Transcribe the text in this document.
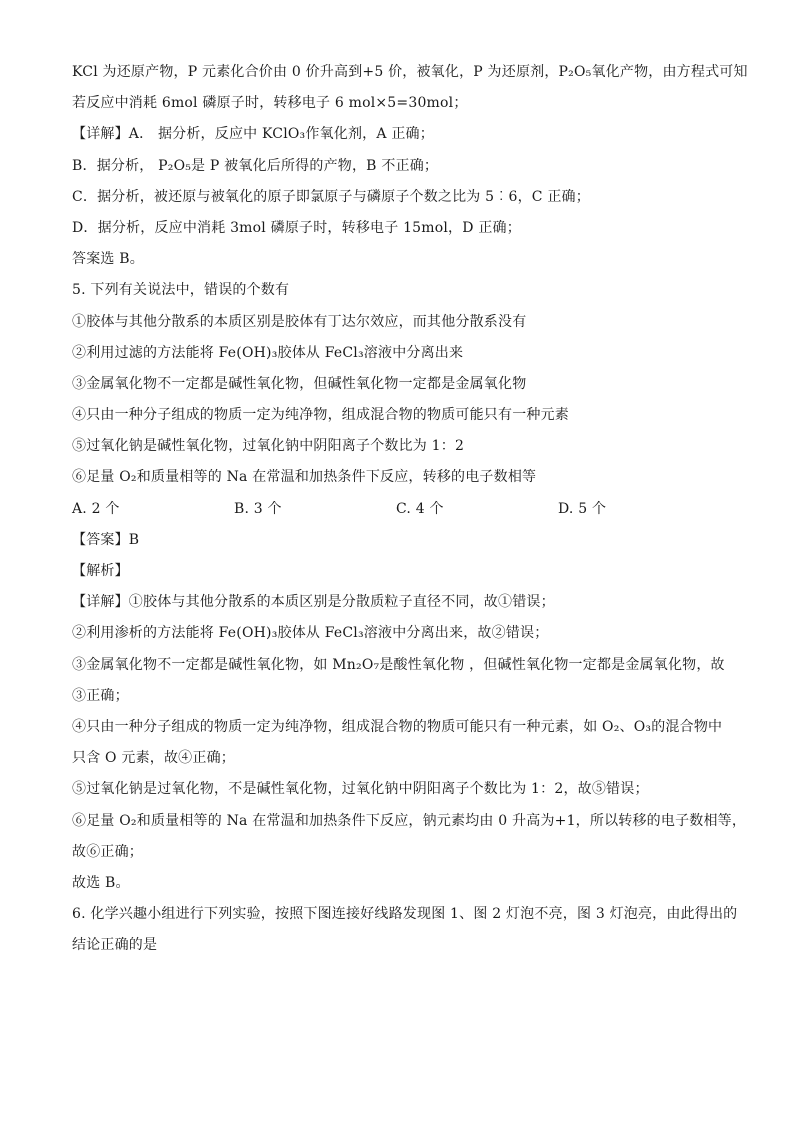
KCl 为还原产物，P 元素化合价由 0 价升高到+5 价，被氧化，P 为还原剂，P₂O₅氧化产物，由方程式可知
若反应中消耗 6mol 磷原子时，转移电子 6 mol×5=30mol；
【详解】A． 据分析，反应中 KClO₃作氧化剂，A 正确；
B．据分析， P₂O₅是 P 被氧化后所得的产物，B 不正确；
C．据分析，被还原与被氧化的原子即氯原子与磷原子个数之比为 5︰6，C 正确；
D．据分析，反应中消耗 3mol 磷原子时，转移电子 15mol，D 正确；
答案选 B。
5. 下列有关说法中，错误的个数有
①胶体与其他分散系的本质区别是胶体有丁达尔效应，而其他分散系没有
②利用过滤的方法能将 Fe(OH)₃胶体从 FeCl₃溶液中分离出来
③金属氧化物不一定都是碱性氧化物，但碱性氧化物一定都是金属氧化物
④只由一种分子组成的物质一定为纯净物，组成混合物的物质可能只有一种元素
⑤过氧化钠是碱性氧化物，过氧化钠中阴阳离子个数比为 1：2
⑥足量 O₂和质量相等的 Na 在常温和加热条件下反应，转移的电子数相等
A. 2 个	B. 3 个	C. 4 个	D. 5 个
【答案】B
【解析】
【详解】①胶体与其他分散系的本质区别是分散质粒子直径不同，故①错误；
②利用渗析的方法能将 Fe(OH)₃胶体从 FeCl₃溶液中分离出来，故②错误；
③金属氧化物不一定都是碱性氧化物，如 Mn₂O₇是酸性氧化物 ，但碱性氧化物一定都是金属氧化物，故
③正确；
④只由一种分子组成的物质一定为纯净物，组成混合物的物质可能只有一种元素，如 O₂、O₃的混合物中
只含 O 元素，故④正确；
⑤过氧化钠是过氧化物，不是碱性氧化物，过氧化钠中阴阳离子个数比为 1：2，故⑤错误；
⑥足量 O₂和质量相等的 Na 在常温和加热条件下反应，钠元素均由 0 升高为+1，所以转移的电子数相等，
故⑥正确；
故选 B。
6. 化学兴趣小组进行下列实验，按照下图连接好线路发现图 1、图 2 灯泡不亮，图 3 灯泡亮，由此得出的
结论正确的是
